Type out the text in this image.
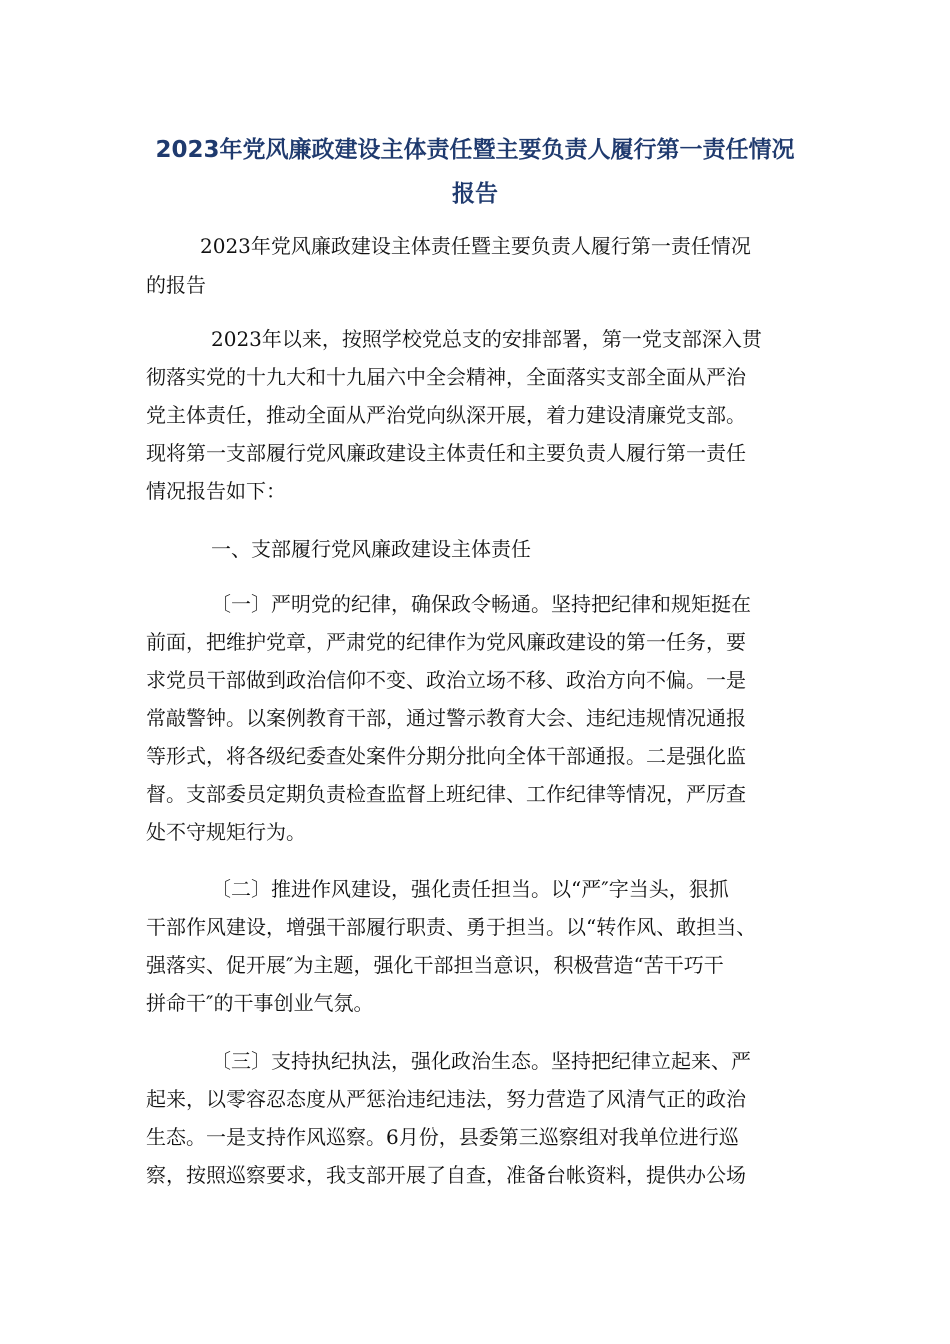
2023年党风廉政建设主体责任暨主要负责人履行第一责任情况
报告
2023年党风廉政建设主体责任暨主要负责人履行第一责任情况
的报告
2023年以来，按照学校党总支的安排部署，第一党支部深入贯
彻落实党的十九大和十九届六中全会精神，全面落实支部全面从严治
党主体责任，推动全面从严治党向纵深开展，着力建设清廉党支部。
现将第一支部履行党风廉政建设主体责任和主要负责人履行第一责任
情况报告如下：
一、支部履行党风廉政建设主体责任
〔一〕严明党的纪律，确保政令畅通。坚持把纪律和规矩挺在
前面，把维护党章，严肃党的纪律作为党风廉政建设的第一任务，要
求党员干部做到政治信仰不变、政治立场不移、政治方向不偏。一是
常敲警钟。以案例教育干部，通过警示教育大会、违纪违规情况通报
等形式，将各级纪委查处案件分期分批向全体干部通报。二是强化监
督。支部委员定期负责检查监督上班纪律、工作纪律等情况，严厉查
处不守规矩行为。
〔二〕推进作风建设，强化责任担当。以“严″字当头，狠抓
干部作风建设，增强干部履行职责、勇于担当。以“转作风、敢担当、
强落实、促开展″为主题，强化干部担当意识，积极营造“苦干巧干
拼命干″的干事创业气氛。
〔三〕支持执纪执法，强化政治生态。坚持把纪律立起来、严
起来，以零容忍态度从严惩治违纪违法，努力营造了风清气正的政治
生态。一是支持作风巡察。6月份，县委第三巡察组对我单位进行巡
察，按照巡察要求，我支部开展了自查，准备台帐资料，提供办公场
